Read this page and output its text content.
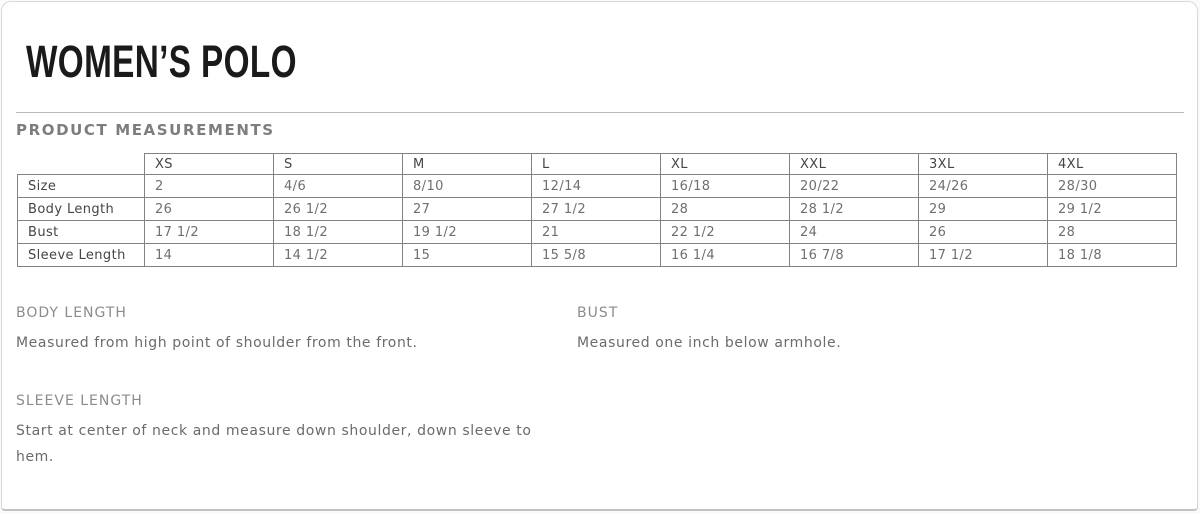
WOMEN’S POLO
PRODUCT MEASUREMENTS
	XS	S	M	L	XL	XXL	3XL	4XL
Size	2	4/6	8/10	12/14	16/18	20/22	24/26	28/30
Body Length	26	26 1/2	27	27 1/2	28	28 1/2	29	29 1/2
Bust	17 1/2	18 1/2	19 1/2	21	22 1/2	24	26	28
Sleeve Length	14	14 1/2	15	15 5/8	16 1/4	16 7/8	17 1/2	18 1/8
BODY LENGTH

Measured from high point of shoulder from the front.

BUST

Measured one inch below armhole.

SLEEVE LENGTH

Start at center of neck and measure down shoulder, down sleeve to hem.
